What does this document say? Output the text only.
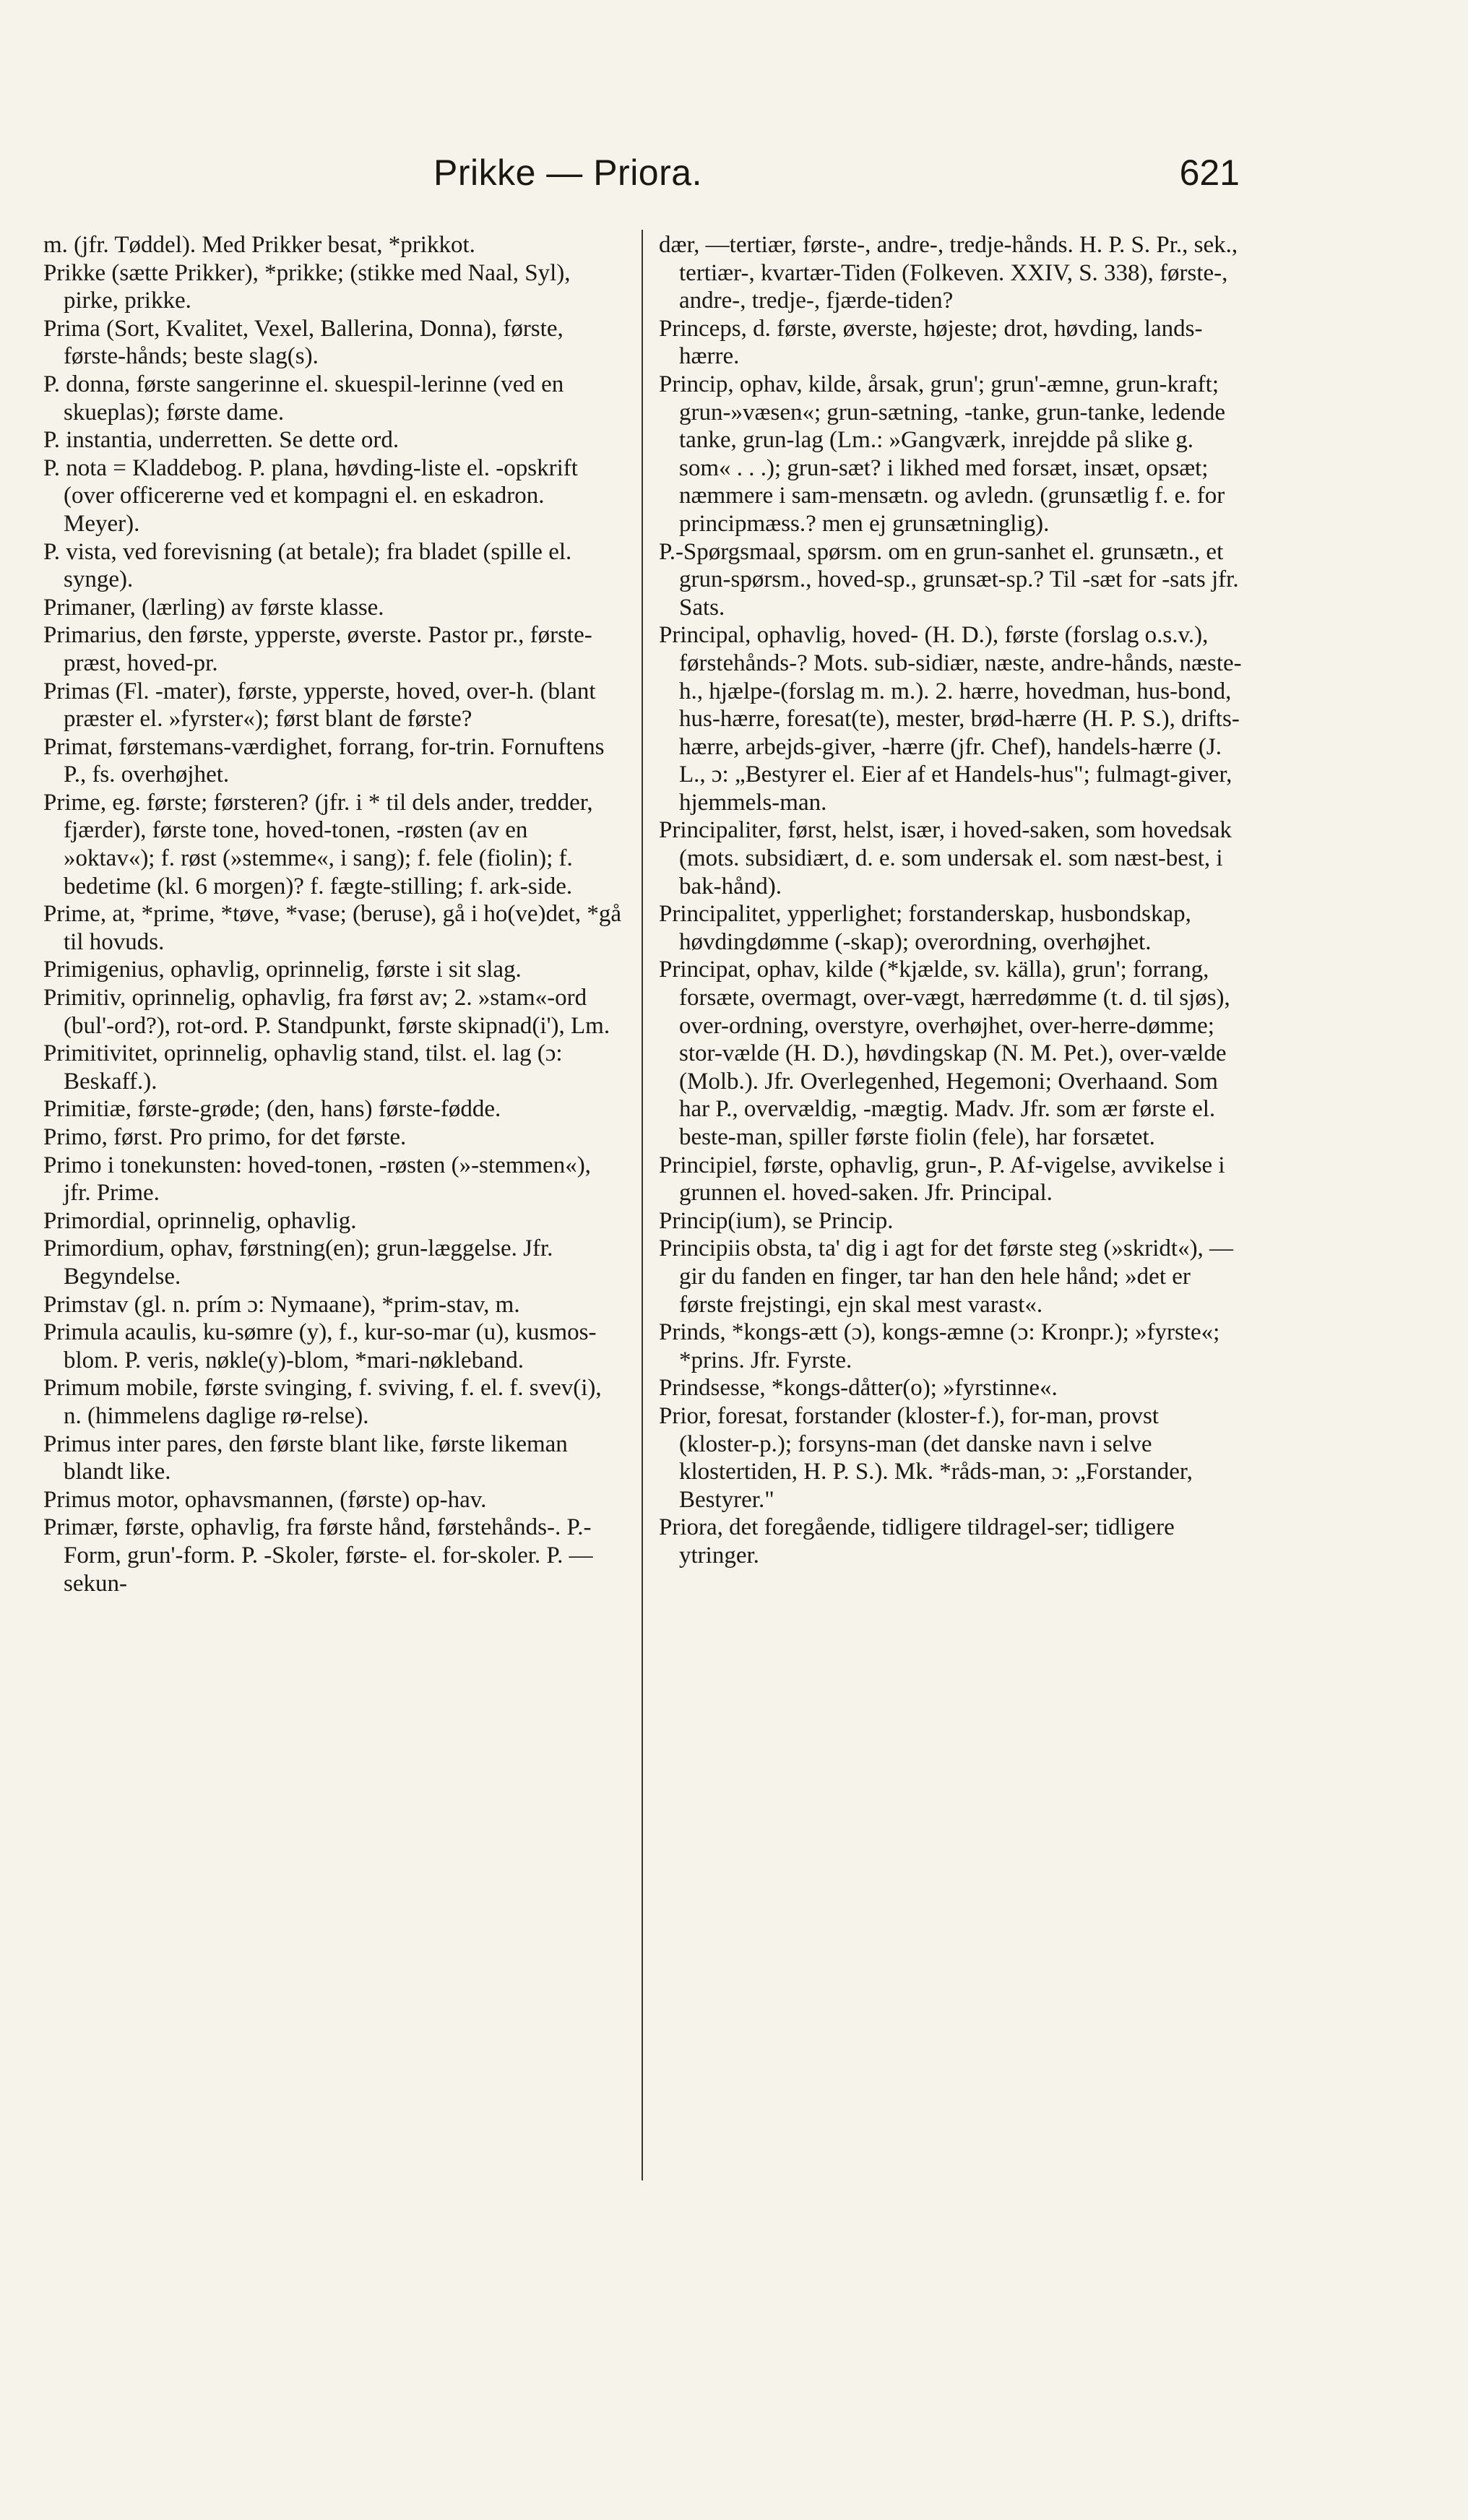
Prikke — Priora.	621

m. (jfr. Tøddel). Med Prikker besat, *prikkot.

Prikke (sætte Prikker), *prikke; (stikke med Naal, Syl), pirke, prikke.

Prima (Sort, Kvalitet, Vexel, Ballerina, Donna), første, første-hånds; beste slag(s).

P. donna, første sangerinne el. skuespil-lerinne (ved en skueplas); første dame.

P. instantia, underretten. Se dette ord.

P. nota = Kladdebog. P. plana, høvding-liste el. -opskrift (over officererne ved et kompagni el. en eskadron. Meyer).

P. vista, ved forevisning (at betale); fra bladet (spille el. synge).

Primaner, (lærling) av første klasse.

Primarius, den første, ypperste, øverste. Pastor pr., første-præst, hoved-pr.

Primas (Fl. -mater), første, ypperste, hoved, over-h. (blant præster el. »fyrster«); først blant de første?

Primat, førstemans-værdighet, forrang, for-trin. Fornuftens P., fs. overhøjhet.

Prime, eg. første; førsteren? (jfr. i * til dels ander, tredder, fjærder), første tone, hoved-tonen, -røsten (av en »oktav«); f. røst (»stemme«, i sang); f. fele (fiolin); f. bedetime (kl. 6 morgen)? f. fægte-stilling; f. ark-side.

Prime, at, *prime, *tøve, *vase; (beruse), gå i ho(ve)det, *gå til hovuds.

Primigenius, ophavlig, oprinnelig, første i sit slag.

Primitiv, oprinnelig, ophavlig, fra først av; 2. »stam«-ord (bul'-ord?), rot-ord. P. Standpunkt, første skipnad(i'), Lm.

Primitivitet, oprinnelig, ophavlig stand, tilst. el. lag (ɔ: Beskaff.).

Primitiæ, første-grøde; (den, hans) første-fødde.

Primo, først. Pro primo, for det første.

Primo i tonekunsten: hoved-tonen, -røsten (»-stemmen«), jfr. Prime.

Primordial, oprinnelig, ophavlig.

Primordium, ophav, førstning(en); grun-læggelse. Jfr. Begyndelse.

Primstav (gl. n. prím ɔ: Nymaane), *prim-stav, m.

Primula acaulis, ku-sømre (y), f., kur-so-mar (u), kusmos-blom. P. veris, nøkle(y)-blom, *mari-nøkleband.

Primum mobile, første svinging, f. sviving, f. el. f. svev(i), n. (himmelens daglige rø-relse).

Primus inter pares, den første blant like, første likeman blandt like.

Primus motor, ophavsmannen, (første) op-hav.

Primær, første, ophavlig, fra første hånd, førstehånds-. P.-Form, grun'-form. P. -Skoler, første- el. for-skoler. P. —sekun-

dær, —tertiær, første-, andre-, tredje-hånds. H. P. S. Pr., sek., tertiær-, kvartær-Tiden (Folkeven. XXIV, S. 338), første-, andre-, tredje-, fjærde-tiden?

Princeps, d. første, øverste, højeste; drot, høvding, lands-hærre.

Princip, ophav, kilde, årsak, grun'; grun'-æmne, grun-kraft; grun-»væsen«; grun-sætning, -tanke, grun-tanke, ledende tanke, grun-lag (Lm.: »Gangværk, inrejdde på slike g. som« . . .); grun-sæt? i likhed med forsæt, insæt, opsæt; næmmere i sam-mensætn. og avledn. (grunsætlig f. e. for principmæss.? men ej grunsætninglig).

P.-Spørgsmaal, spørsm. om en grun-sanhet el. grunsætn., et grun-spørsm., hoved-sp., grunsæt-sp.? Til -sæt for -sats jfr. Sats.

Principal, ophavlig, hoved- (H. D.), første (forslag o.s.v.), førstehånds-? Mots. sub-sidiær, næste, andre-hånds, næste-h., hjælpe-(forslag m. m.). 2. hærre, hovedman, hus-bond, hus-hærre, foresat(te), mester, brød-hærre (H. P. S.), drifts-hærre, arbejds-giver, -hærre (jfr. Chef), handels-hærre (J. L., ɔ: „Bestyrer el. Eier af et Handels-hus"; fulmagt-giver, hjemmels-man.

Principaliter, først, helst, især, i hoved-saken, som hovedsak (mots. subsidiært, d. e. som undersak el. som næst-best, i bak-hånd).

Principalitet, ypperlighet; forstanderskap, husbondskap, høvdingdømme (-skap); overordning, overhøjhet.

Principat, ophav, kilde (*kjælde, sv. källa), grun'; forrang, forsæte, overmagt, over-vægt, hærredømme (t. d. til sjøs), over-ordning, overstyre, overhøjhet, over-herre-dømme; stor-vælde (H. D.), høvdingskap (N. M. Pet.), over-vælde (Molb.). Jfr. Overlegenhed, Hegemoni; Overhaand. Som har P., overvældig, -mægtig. Madv. Jfr. som ær første el. beste-man, spiller første fiolin (fele), har forsætet.

Principiel, første, ophavlig, grun-, P. Af-vigelse, avvikelse i grunnen el. hoved-saken. Jfr. Principal.

Princip(ium), se Princip.

Principiis obsta, ta' dig i agt for det første steg (»skridt«), — gir du fanden en finger, tar han den hele hånd; »det er første frejstingi, ejn skal mest varast«.

Prinds, *kongs-ætt (ɔ), kongs-æmne (ɔ: Kronpr.); »fyrste«; *prins. Jfr. Fyrste.

Prindsesse, *kongs-dåtter(o); »fyrstinne«.

Prior, foresat, forstander (kloster-f.), for-man, provst (kloster-p.); forsyns-man (det danske navn i selve klostertiden, H. P. S.). Mk. *råds-man, ɔ: „Forstander, Bestyrer."

Priora, det foregående, tidligere tildragel-ser; tidligere ytringer.
